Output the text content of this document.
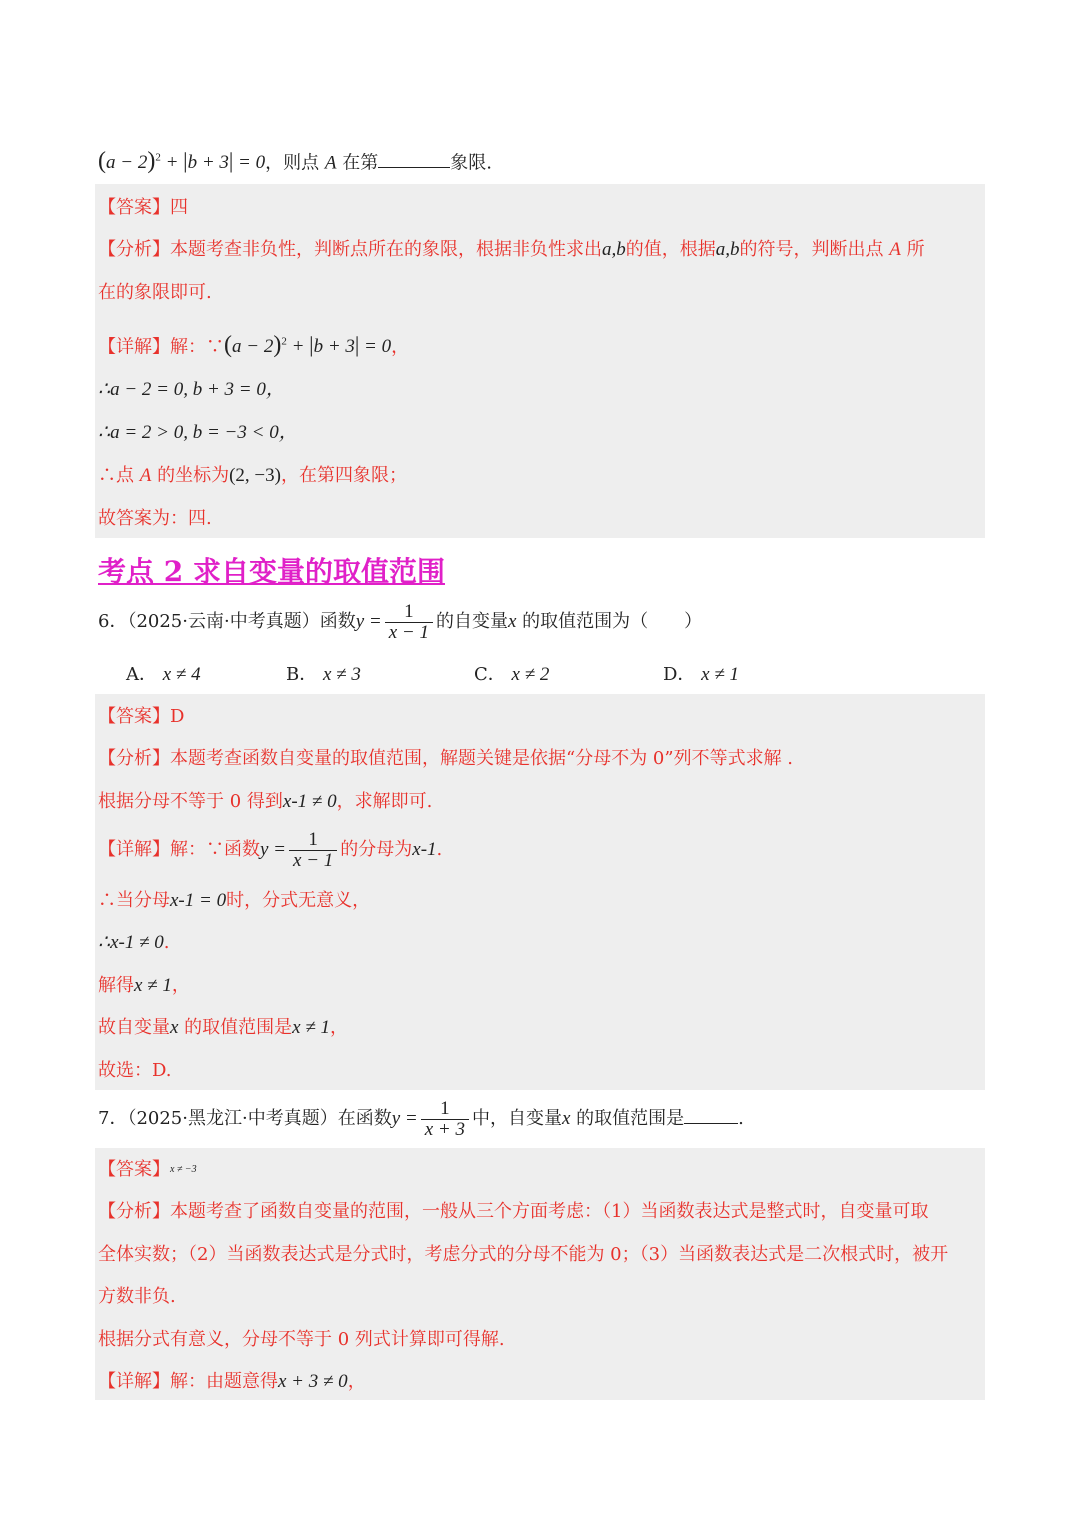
$(a - 2)^2 + |b + 3| = 0$，则点 A 在第	象限.
【答案】四
【分析】本题考查非负性，判断点所在的象限，根据非负性求出a,b的值，根据a,b的符号，判断出点 A 所
在的象限即可.
【详解】解：∵(a − 2)$^2$ + |b + 3| = 0，
∴a − 2 = 0, b + 3 = 0，
∴a = 2 > 0, b = −3 < 0，
∴点 A 的坐标为(2, −3)，在第四象限；
故答案为：四.
考点 2 求自变量的取值范围
6．（2025·云南·中考真题）函数$y = \frac{1}{x - 1}$ 的自变量x 的取值范围为（　　）
A． x ≠ 4	B． x ≠ 3	C． x ≠ 2	D． x ≠ 1
【答案】D
【分析】本题考查函数自变量的取值范围，解题关键是依据“分母不为 0”列不等式求解 .
根据分母不等于 0 得到x-1 ≠ 0，求解即可.
【详解】解：∵函数$y = \frac{1}{x - 1}$ 的分母为x-1.
∴当分母x-1 = 0时，分式无意义，
∴x-1 ≠ 0.
解得x ≠ 1，
故自变量x 的取值范围是x ≠ 1，
故选：D.
7．（2025·黑龙江·中考真题）在函数$y = \frac{1}{x + 3}$ 中，自变量x 的取值范围是	.
【答案】x ≠ −3
【分析】本题考查了函数自变量的范围，一般从三个方面考虑：（1）当函数表达式是整式时，自变量可取
全体实数；（2）当函数表达式是分式时，考虑分式的分母不能为 0；（3）当函数表达式是二次根式时，被开
方数非负.
根据分式有意义，分母不等于 0 列式计算即可得解.
【详解】解：由题意得x + 3 ≠ 0，
